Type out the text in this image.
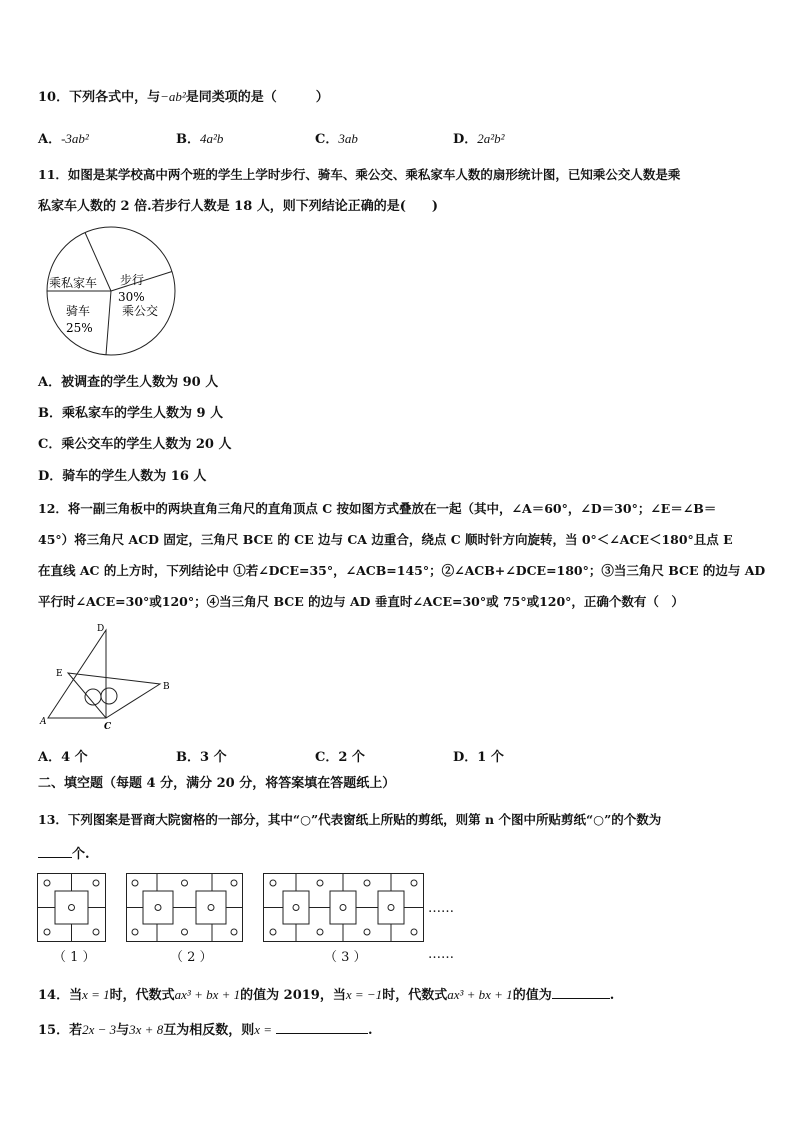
10．下列各式中，与−ab²是同类项的是（　　　）
A．-3ab²	B．4a²b	C．3ab	D．2a²b²
11．如图是某学校高中两个班的学生上学时步行、骑车、乘公交、乘私家车人数的扇形统计图，已知乘公交人数是乘
私家车人数的 2 倍.若步行人数是 18 人，则下列结论正确的是(　　)
步行
30%
乘私家车
乘公交
骑车
25%
A．被调查的学生人数为 90 人
B．乘私家车的学生人数为 9 人
C．乘公交车的学生人数为 20 人
D．骑车的学生人数为 16 人
12．将一副三角板中的两块直角三角尺的直角顶点 C 按如图方式叠放在一起（其中，∠A＝60°，∠D＝30°；∠E＝∠B＝
45°）将三角尺 ACD 固定，三角尺 BCE 的 CE 边与 CA 边重合，绕点 C 顺时针方向旋转，当 0°＜∠ACE＜180°且点 E
在直线 AC 的上方时，下列结论中 ①若∠DCE=35°，∠ACB=145°；②∠ACB+∠DCE=180°；③当三角尺 BCE 的边与 AD
平行时∠ACE=30°或120°；④当三角尺 BCE 的边与 AD 垂直时∠ACE=30°或 75°或120°，正确个数有（　）
D
E
B
A	C
A．4 个	B．3 个	C．2 个	D．1 个
二、填空题（每题 4 分，满分 20 分，将答案填在答题纸上）
13．下列图案是晋商大院窗格的一部分，其中“○”代表窗纸上所贴的剪纸，则第 n 个图中所贴剪纸“○”的个数为
个.
……
（ 1 ）	（ 2 ）	（ 3 ）	……
14．当x = 1时，代数式ax³ + bx + 1的值为 2019，当x = −1时，代数式ax³ + bx + 1的值为	.
15．若2x − 3与3x + 8互为相反数，则x =	.
